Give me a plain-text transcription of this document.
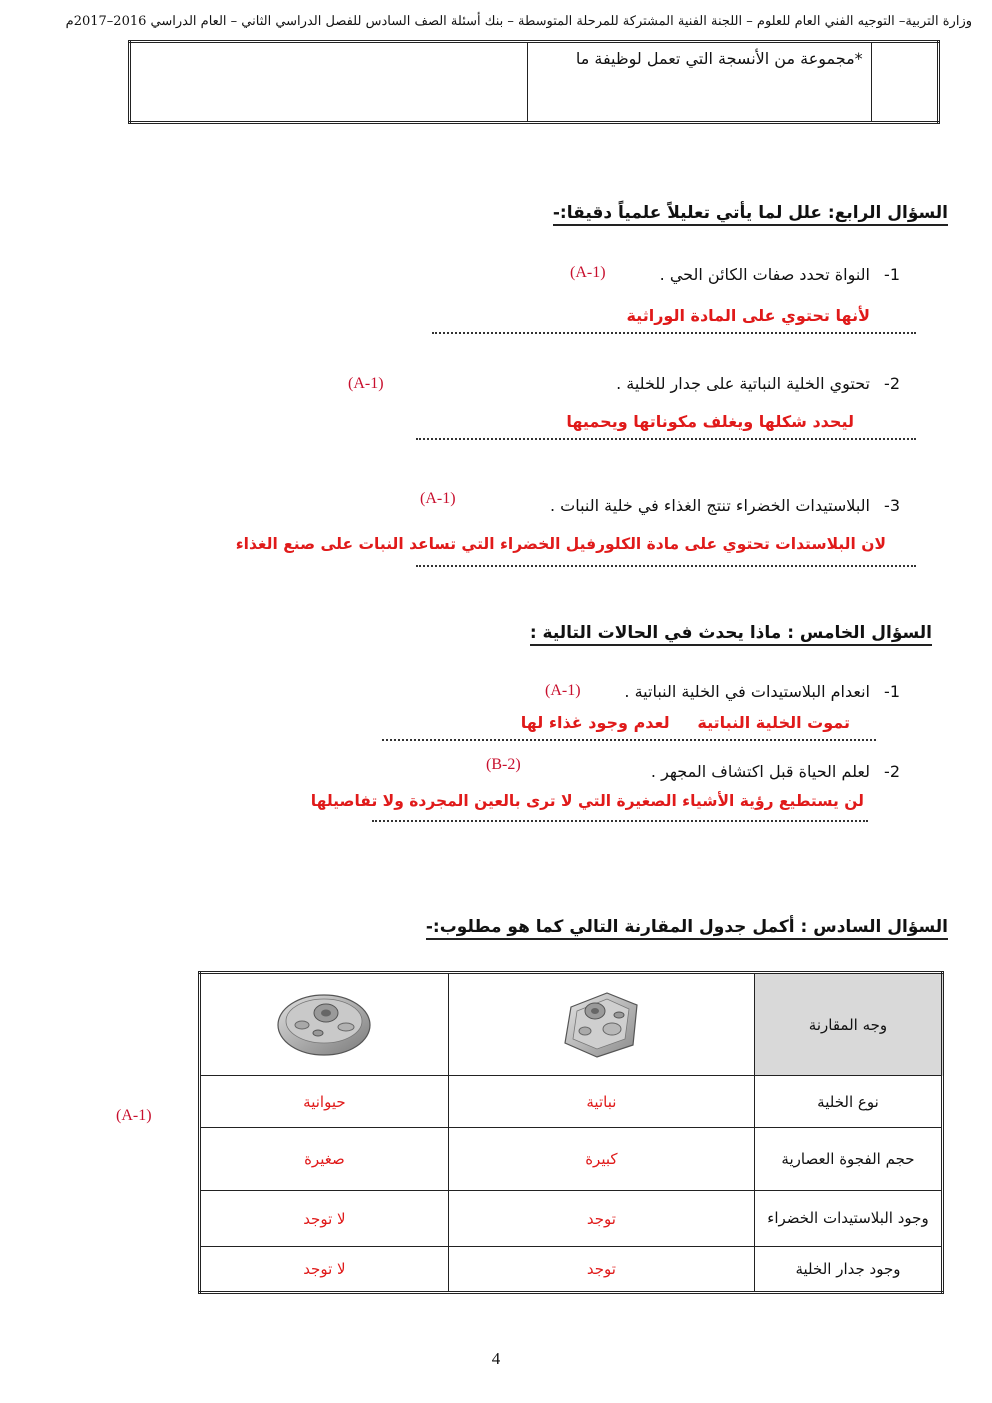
وزارة التربية– التوجيه الفني العام للعلوم – اللجنة الفنية المشتركة للمرحلة المتوسطة – بنك أسئلة الصف السادس للفصل الدراسي الثاني – العام الدراسي 2016–2017م
	*مجموعة من الأنسجة التي تعمل لوظيفة ما	
السؤال الرابع: علل لما يأتي تعليلاً علمياً دقيقا:-
1-
النواة تحدد صفات الكائن الحي .
(A-1)
لأنها تحتوي على المادة الوراثية
2-
تحتوي الخلية النباتية على جدار للخلية .
(A-1)
ليحدد شكلها ويغلف مكوناتها ويحميها
3-
البلاستيدات الخضراء تنتج الغذاء في خلية النبات .
(A-1)
لان البلاستدات تحتوي على مادة الكلورفيل الخضراء التي تساعد النبات على صنع الغذاء
السؤال الخامس : ماذا يحدث في الحالات التالية :
1-
انعدام البلاستيدات في الخلية النباتية .
(A-1)
تموت الخلية النباتية     لعدم وجود غذاء لها
2-
لعلم الحياة قبل اكتشاف المجهر .
(B-2)
لن يستطيع رؤية الأشياء الصغيرة التي لا ترى بالعين المجردة ولا تفاصيلها
السؤال السادس : أكمل جدول المقارنة التالي كما هو مطلوب:-
(A-1)
وجه المقارنة		
نوع الخلية	نباتية	حيوانية
حجم الفجوة العصارية	كبيرة	صغيرة
وجود البلاستيدات الخضراء	توجد	لا توجد
وجود جدار الخلية	توجد	لا توجد
4
